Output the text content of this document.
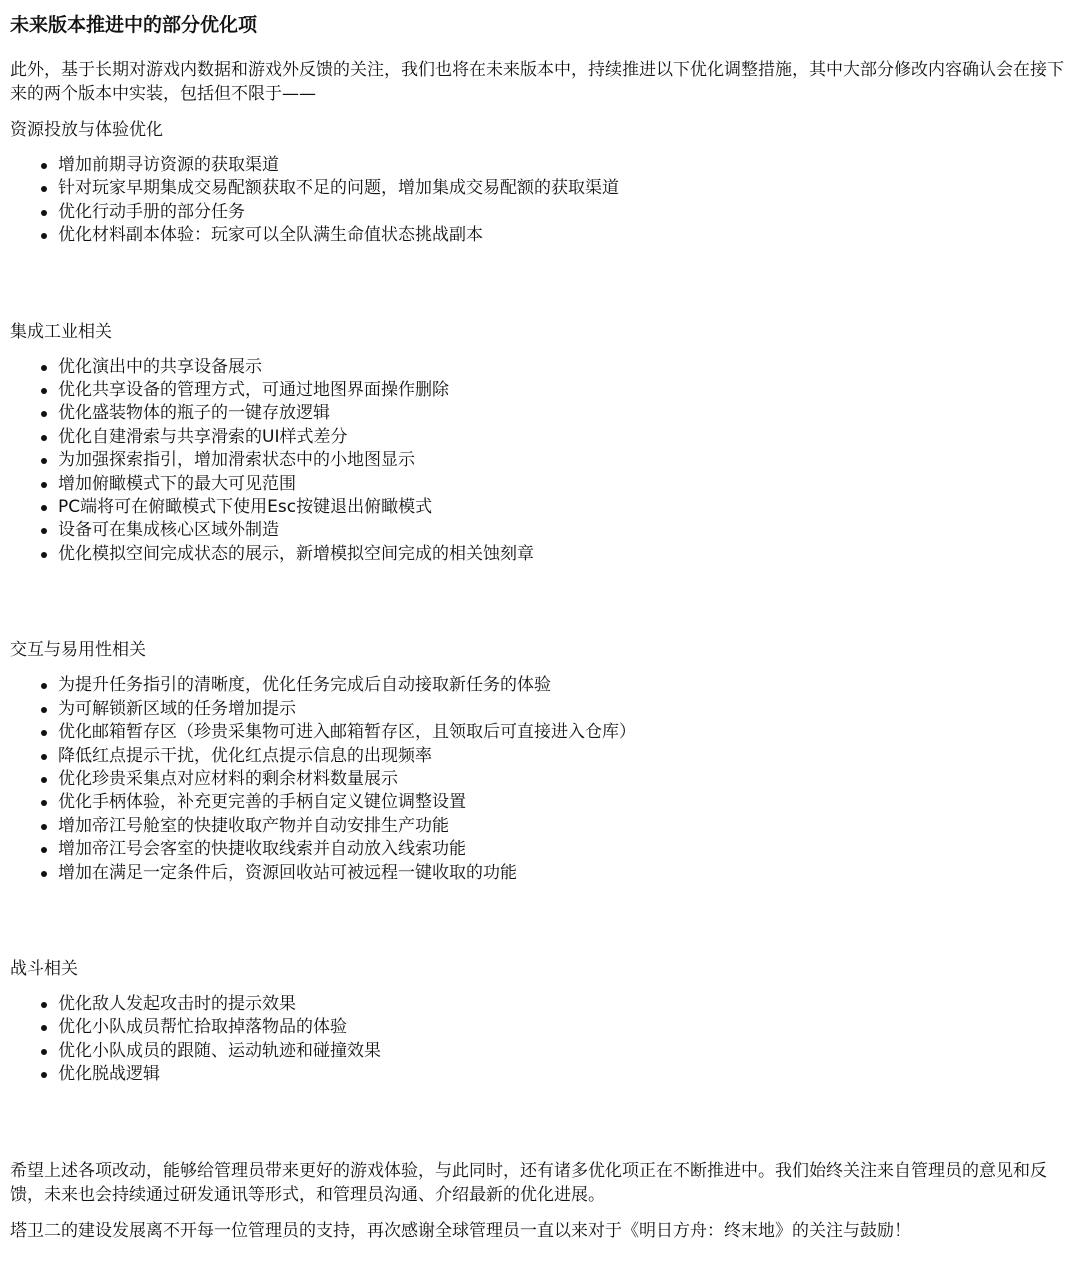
未来版本推进中的部分优化项

此外，基于长期对游戏内数据和游戏外反馈的关注，我们也将在未来版本中，持续推进以下优化调整措施，其中大部分修改内容确认会在接下来的两个版本中实装，包括但不限于——

资源投放与体验优化

增加前期寻访资源的获取渠道
针对玩家早期集成交易配额获取不足的问题，增加集成交易配额的获取渠道
优化行动手册的部分任务
优化材料副本体验：玩家可以全队满生命值状态挑战副本

集成工业相关

优化演出中的共享设备展示
优化共享设备的管理方式，可通过地图界面操作删除
优化盛装物体的瓶子的一键存放逻辑
优化自建滑索与共享滑索的UI样式差分
为加强探索指引，增加滑索状态中的小地图显示
增加俯瞰模式下的最大可见范围
PC端将可在俯瞰模式下使用Esc按键退出俯瞰模式
设备可在集成核心区域外制造
优化模拟空间完成状态的展示，新增模拟空间完成的相关蚀刻章

交互与易用性相关

为提升任务指引的清晰度，优化任务完成后自动接取新任务的体验
为可解锁新区域的任务增加提示
优化邮箱暂存区（珍贵采集物可进入邮箱暂存区，且领取后可直接进入仓库）
降低红点提示干扰，优化红点提示信息的出现频率
优化珍贵采集点对应材料的剩余材料数量展示
优化手柄体验，补充更完善的手柄自定义键位调整设置
增加帝江号舱室的快捷收取产物并自动安排生产功能
增加帝江号会客室的快捷收取线索并自动放入线索功能
增加在满足一定条件后，资源回收站可被远程一键收取的功能

战斗相关

优化敌人发起攻击时的提示效果
优化小队成员帮忙拾取掉落物品的体验
优化小队成员的跟随、运动轨迹和碰撞效果
优化脱战逻辑

希望上述各项改动，能够给管理员带来更好的游戏体验，与此同时，还有诸多优化项正在不断推进中。我们始终关注来自管理员的意见和反馈，未来也会持续通过研发通讯等形式，和管理员沟通、介绍最新的优化进展。

塔卫二的建设发展离不开每一位管理员的支持，再次感谢全球管理员一直以来对于《明日方舟：终末地》的关注与鼓励！
